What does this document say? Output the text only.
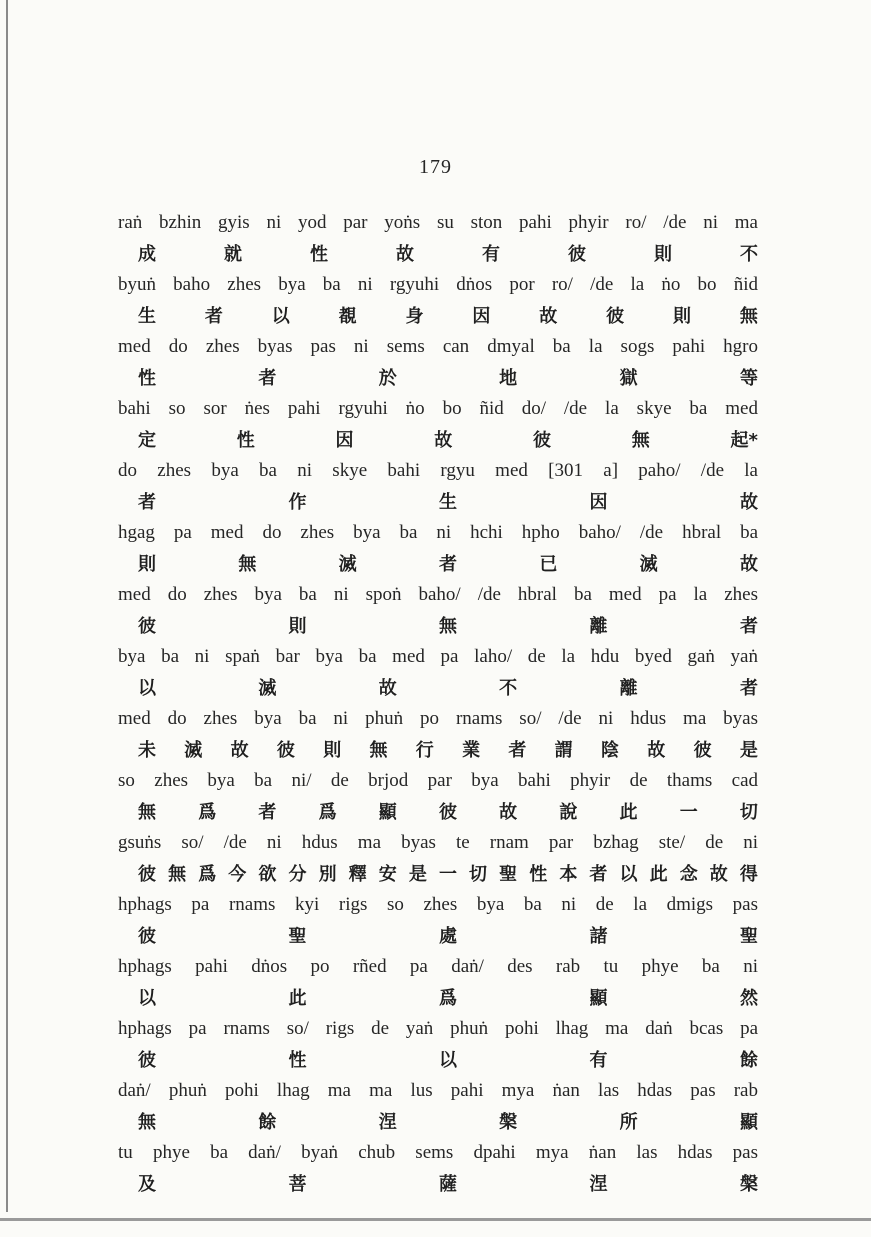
179
raṅ bzhin gyis ni yod par yoṅs su ston pahi phyir ro/ /de ni ma
成	就	性	故	有	彼	則	不
byuṅ baho zhes bya ba ni rgyuhi dṅos por ro/ /de la ṅo bo ñid
生	者	以	覩	身	因	故	彼	則	無
med do zhes byas pas ni sems can dmyal ba la sogs pahi hgro
性	者	於	地	獄	等
bahi so sor ṅes pahi rgyuhi ṅo bo ñid do/ /de la skye ba med
定	性	因	故	彼	無	起*
do zhes bya ba ni skye bahi rgyu med [301 a] paho/ /de la
者	作	生	因	故
hgag pa med do zhes bya ba ni hchi hpho baho/ /de hbral ba
則	無	滅	者	已	滅	故
med do zhes bya ba ni spoṅ baho/ /de hbral ba med pa la zhes
彼	則	無	離	者
bya ba ni spaṅ bar bya ba med pa laho/ de la hdu byed gaṅ yaṅ
以	滅	故	不	離	者
med do zhes bya ba ni phuṅ po rnams so/ /de ni hdus ma byas
未 滅 故 彼 則 無 行 業 者 謂 陰 故 彼 是
so zhes bya ba ni/ de brjod par bya bahi phyir de thams cad
無 爲 者 爲 顯 彼 故 說 此 一 切
gsuṅs so/ /de ni hdus ma byas te rnam par bzhag ste/ de ni
彼 無 爲 今 欲 分 別 釋 安 是 一 切 聖 性 本 者 以 此 念 故 得
hphags pa rnams kyi rigs so zhes bya ba ni de la dmigs pas
彼	聖	處	諸	聖
hphags pahi dṅos po rñed pa daṅ/ des rab tu phye ba ni
以	此	爲	顯	然
hphags pa rnams so/ rigs de yaṅ phuṅ pohi lhag ma daṅ bcas pa
彼	性	以	有	餘
daṅ/ phuṅ pohi lhag ma ma lus pahi mya ṅan las hdas pas rab
無	餘	涅	槃	所	顯
tu phye ba daṅ/ byaṅ chub sems dpahi mya ṅan las hdas pas
及	菩	薩	涅	槃
